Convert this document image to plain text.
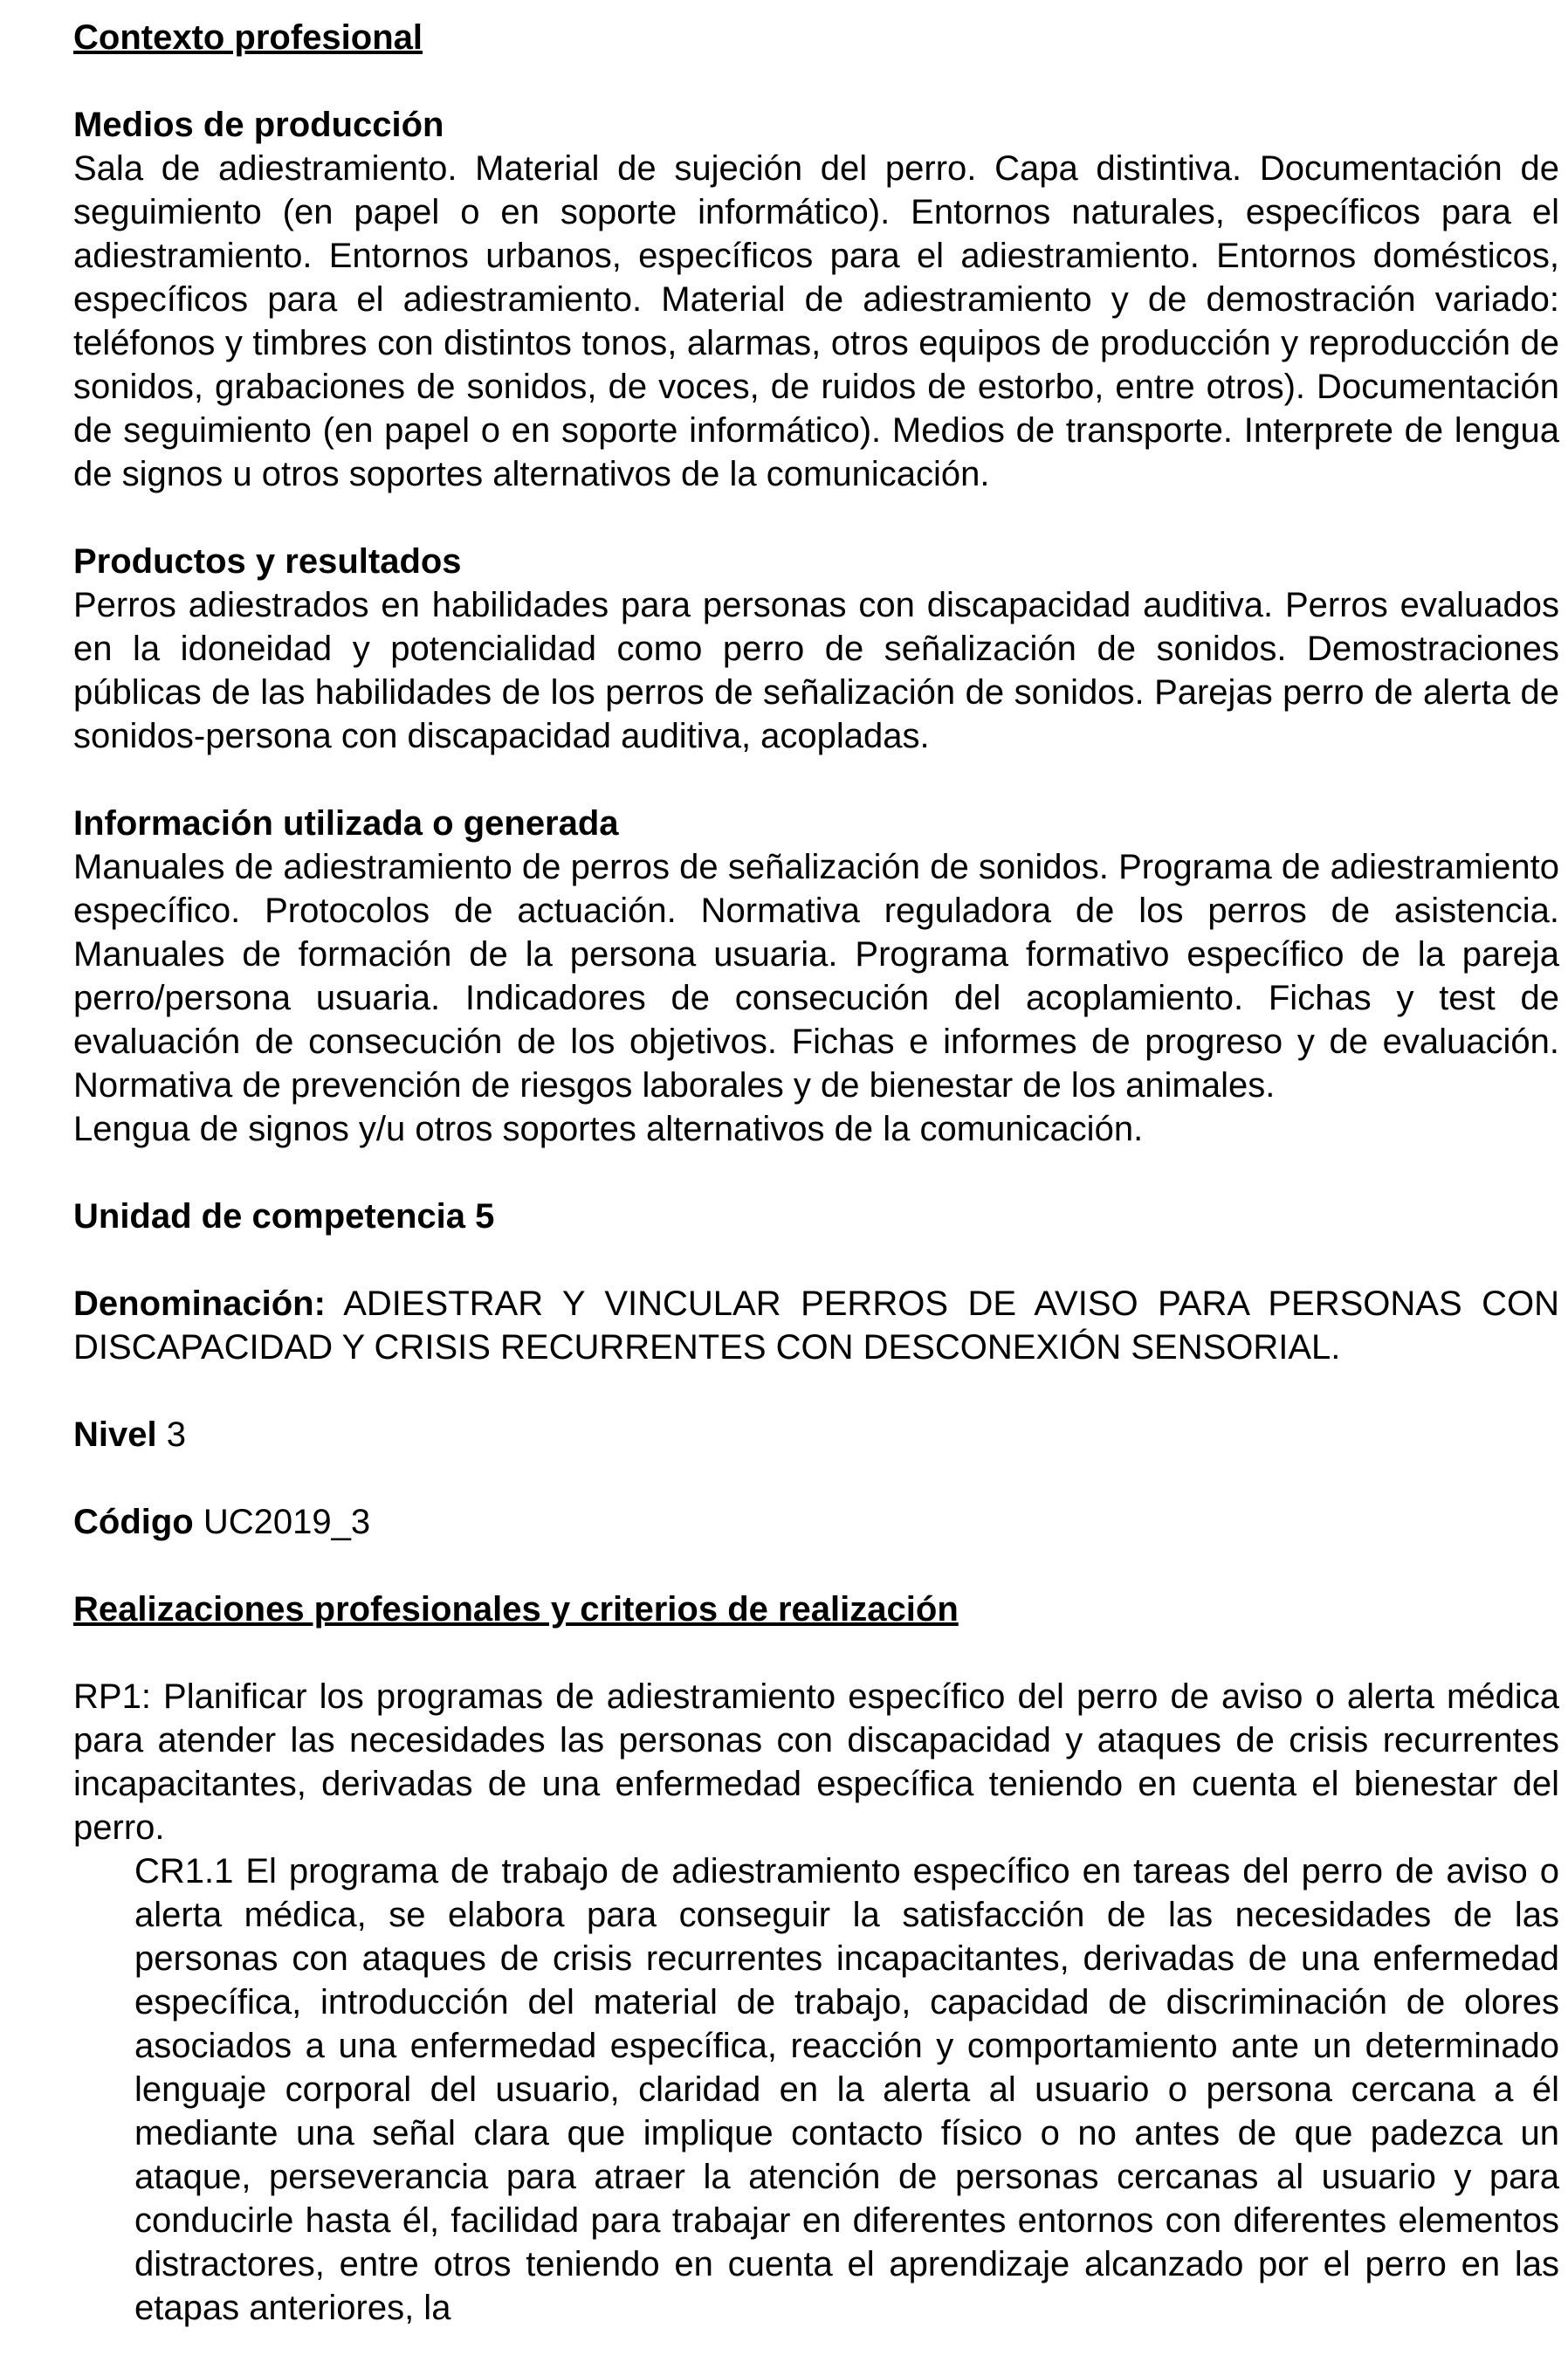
Contexto profesional

Medios de producción

Sala de adiestramiento. Material de sujeción del perro. Capa distintiva. Documentación de seguimiento (en papel o en soporte informático). Entornos naturales, específicos para el adiestramiento. Entornos urbanos, específicos para el adiestramiento. Entornos domésticos, específicos para el adiestramiento. Material de adiestramiento y de demostración variado: teléfonos y timbres con distintos tonos, alarmas, otros equipos de producción y reproducción de sonidos, grabaciones de sonidos, de voces, de ruidos de estorbo, entre otros). Documentación de seguimiento (en papel o en soporte informático). Medios de transporte. Interprete de lengua de signos u otros soportes alternativos de la comunicación.

Productos y resultados

Perros adiestrados en habilidades para personas con discapacidad auditiva. Perros evaluados en la idoneidad y potencialidad como perro de señalización de sonidos. Demostraciones públicas de las habilidades de los perros de señalización de sonidos. Parejas perro de alerta de sonidos-persona con discapacidad auditiva, acopladas.

Información utilizada o generada

Manuales de adiestramiento de perros de señalización de sonidos. Programa de adiestramiento específico. Protocolos de actuación. Normativa reguladora de los perros de asistencia. Manuales de formación de la persona usuaria. Programa formativo específico de la pareja perro/persona usuaria. Indicadores de consecución del acoplamiento. Fichas y test de evaluación de consecución de los objetivos. Fichas e informes de progreso y de evaluación. Normativa de prevención de riesgos laborales y de bienestar de los animales.

Lengua de signos y/u otros soportes alternativos de la comunicación.

Unidad de competencia 5

Denominación: ADIESTRAR Y VINCULAR PERROS DE AVISO PARA PERSONAS CON DISCAPACIDAD Y CRISIS RECURRENTES CON DESCONEXIÓN SENSORIAL.

Nivel 3

Código UC2019_3

Realizaciones profesionales y criterios de realización

RP1: Planificar los programas de adiestramiento específico del perro de aviso o alerta médica para atender las necesidades las personas con discapacidad y ataques de crisis recurrentes incapacitantes, derivadas de una enfermedad específica teniendo en cuenta el bienestar del perro.

CR1.1 El programa de trabajo de adiestramiento específico en tareas del perro de aviso o alerta médica, se elabora para conseguir la satisfacción de las necesidades de las personas con ataques de crisis recurrentes incapacitantes, derivadas de una enfermedad específica, introducción del material de trabajo, capacidad de discriminación de olores asociados a una enfermedad específica, reacción y comportamiento ante un determinado lenguaje corporal del usuario, claridad en la alerta al usuario o persona cercana a él mediante una señal clara que implique contacto físico o no antes de que padezca un ataque, perseverancia para atraer la atención de personas cercanas al usuario y para conducirle hasta él, facilidad para trabajar en diferentes entornos con diferentes elementos distractores, entre otros teniendo en cuenta el aprendizaje alcanzado por el perro en las etapas anteriores, la
